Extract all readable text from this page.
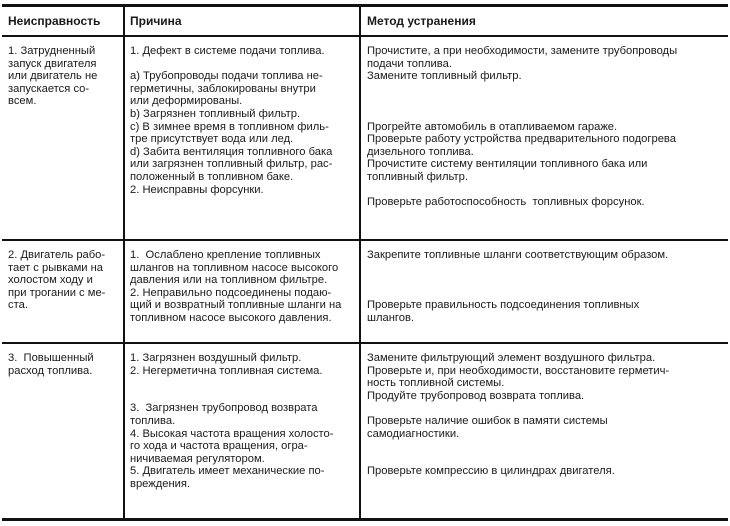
Неисправность Причина	Метод устранения

1. Затрудненный

запуск двигателя

или двигатель не

запускается со-

всем.

1. Дефект в системе подачи топлива.

a) Трубопроводы подачи топлива не-

герметичны, заблокированы внутри

или деформированы.

b) Загрязнен топливный фильтр.

c) В зимнее время в топливном филь-

тре присутствует вода или лед.

d) Забита вентиляция топливного бака

или загрязнен топливный фильтр, рас-

положенный в топливном баке.

2. Неисправны форсунки.

Прочистите, а при необходимости, замените трубопроводы

подачи топлива.

Замените топливный фильтр.

Прогрейте автомобиль в отапливаемом гараже.

Проверьте работу устройства предварительного подогрева

дизельного топлива.

Прочистите систему вентиляции топливного бака или

топливный фильтр.

Проверьте работоспособность  топливных форсунок.

2. Двигатель рабо-

тает с рывками на

холостом ходу и

при трогании с ме-

ста.

1.  Ослаблено крепление топливных

шлангов на топливном насосе высокого

давления или на топливном фильтре.

2. Неправильно подсоединены подаю-

щий и возвратный топливные шланги на

топливном насосе высокого давления.

Закрепите топливные шланги соответствующим образом.

Проверьте правильность подсоединения топливных

шлангов.

3.  Повышенный

расход топлива.

1. Загрязнен воздушный фильтр.

2. Негерметична топливная система.

3.  Загрязнен трубопровод возврата

топлива.

4. Высокая частота вращения холосто-

го хода и частота вращения, огра-

ничиваемая регулятором.

5. Двигатель имеет механические по-

вреждения.

Замените фильтрующий элемент воздушного фильтра.

Проверьте и, при необходимости, восстановите герметич-

ность топливной системы.

Продуйте трубопровод возврата топлива.

Проверьте наличие ошибок в памяти системы

самодиагностики.

Проверьте компрессию в цилиндрах двигателя.
